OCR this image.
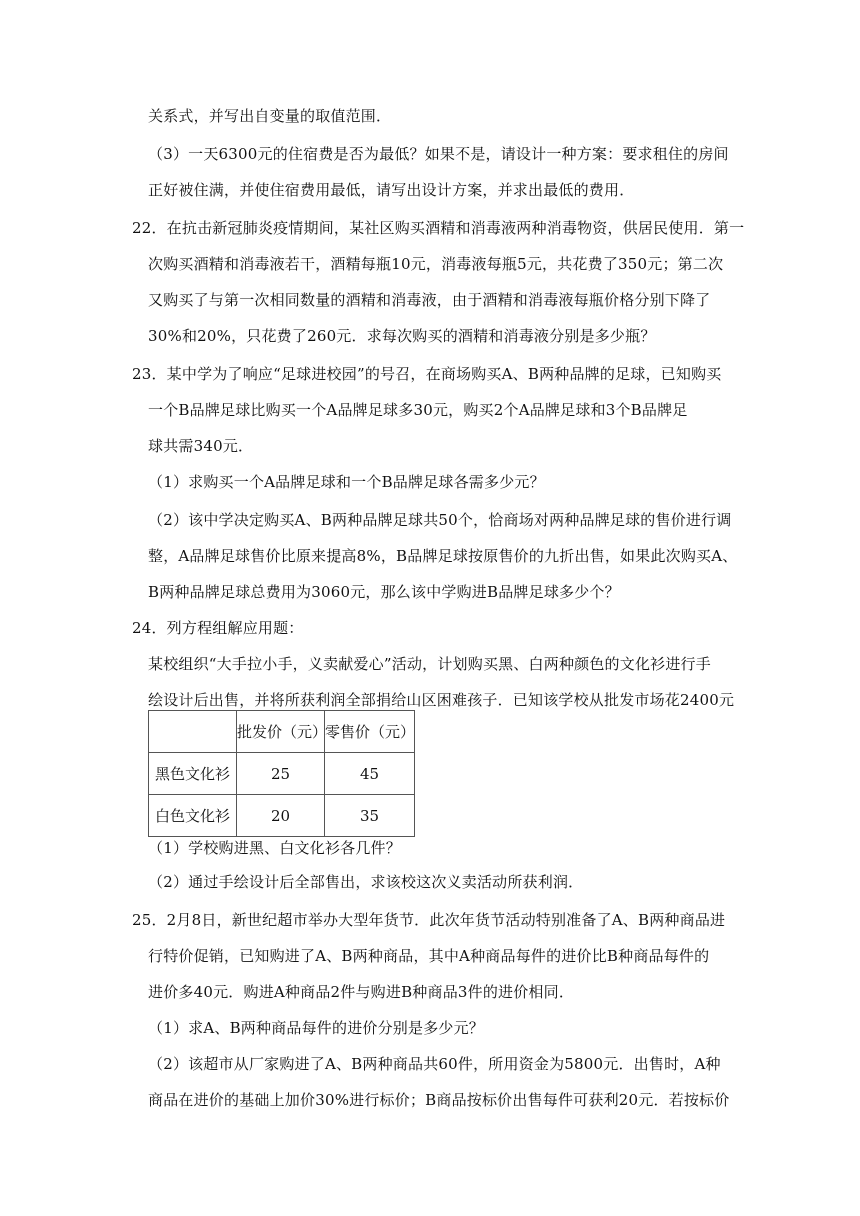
关系式，并写出自变量的取值范围．
（3）一天6300元的住宿费是否为最低？如果不是，请设计一种方案：要求租住的房间
正好被住满，并使住宿费用最低，请写出设计方案，并求出最低的费用．
22．在抗击新冠肺炎疫情期间，某社区购买酒精和消毒液两种消毒物资，供居民使用．第一
次购买酒精和消毒液若干，酒精每瓶10元，消毒液每瓶5元，共花费了350元；第二次
又购买了与第一次相同数量的酒精和消毒液，由于酒精和消毒液每瓶价格分别下降了
30%和20%，只花费了260元．求每次购买的酒精和消毒液分别是多少瓶？
23．某中学为了响应“足球进校园”的号召，在商场购买A、B两种品牌的足球，已知购买
一个B品牌足球比购买一个A品牌足球多30元，购买2个A品牌足球和3个B品牌足
球共需340元．
（1）求购买一个A品牌足球和一个B品牌足球各需多少元？
（2）该中学决定购买A、B两种品牌足球共50个，恰商场对两种品牌足球的售价进行调
整，A品牌足球售价比原来提高8%，B品牌足球按原售价的九折出售，如果此次购买A、
B两种品牌足球总费用为3060元，那么该中学购进B品牌足球多少个？
24．列方程组解应用题：
某校组织“大手拉小手，义卖献爱心”活动，计划购买黑、白两种颜色的文化衫进行手
绘设计后出售，并将所获利润全部捐给山区困难孩子．已知该学校从批发市场花2400元
	批发价（元）	零售价（元）
黑色文化衫	25	45
白色文化衫	20	35
（1）学校购进黑、白文化衫各几件？
（2）通过手绘设计后全部售出，求该校这次义卖活动所获利润．
25．2月8日，新世纪超市举办大型年货节．此次年货节活动特别准备了A、B两种商品进
行特价促销，已知购进了A、B两种商品，其中A种商品每件的进价比B种商品每件的
进价多40元．购进A种商品2件与购进B种商品3件的进价相同．
（1）求A、B两种商品每件的进价分别是多少元？
（2）该超市从厂家购进了A、B两种商品共60件，所用资金为5800元．出售时，A种
商品在进价的基础上加价30%进行标价；B商品按标价出售每件可获利20元．若按标价
